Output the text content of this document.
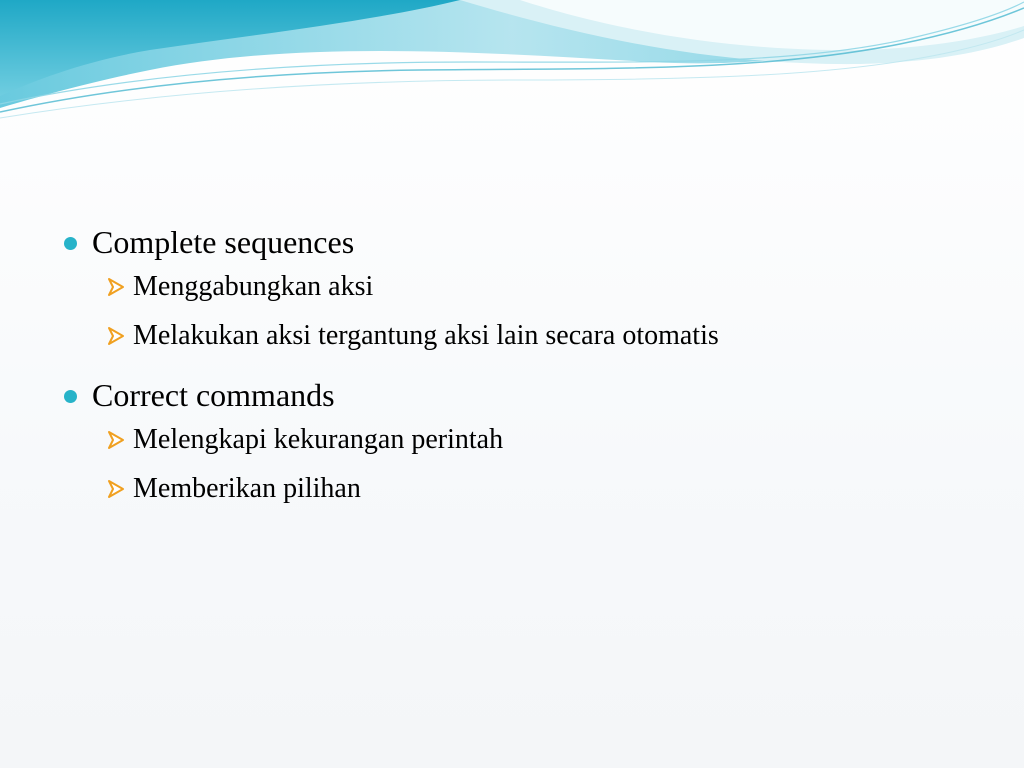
Complete sequences

Menggabungkan aksi

Melakukan aksi tergantung aksi lain secara otomatis

Correct commands

Melengkapi kekurangan perintah

Memberikan pilihan
